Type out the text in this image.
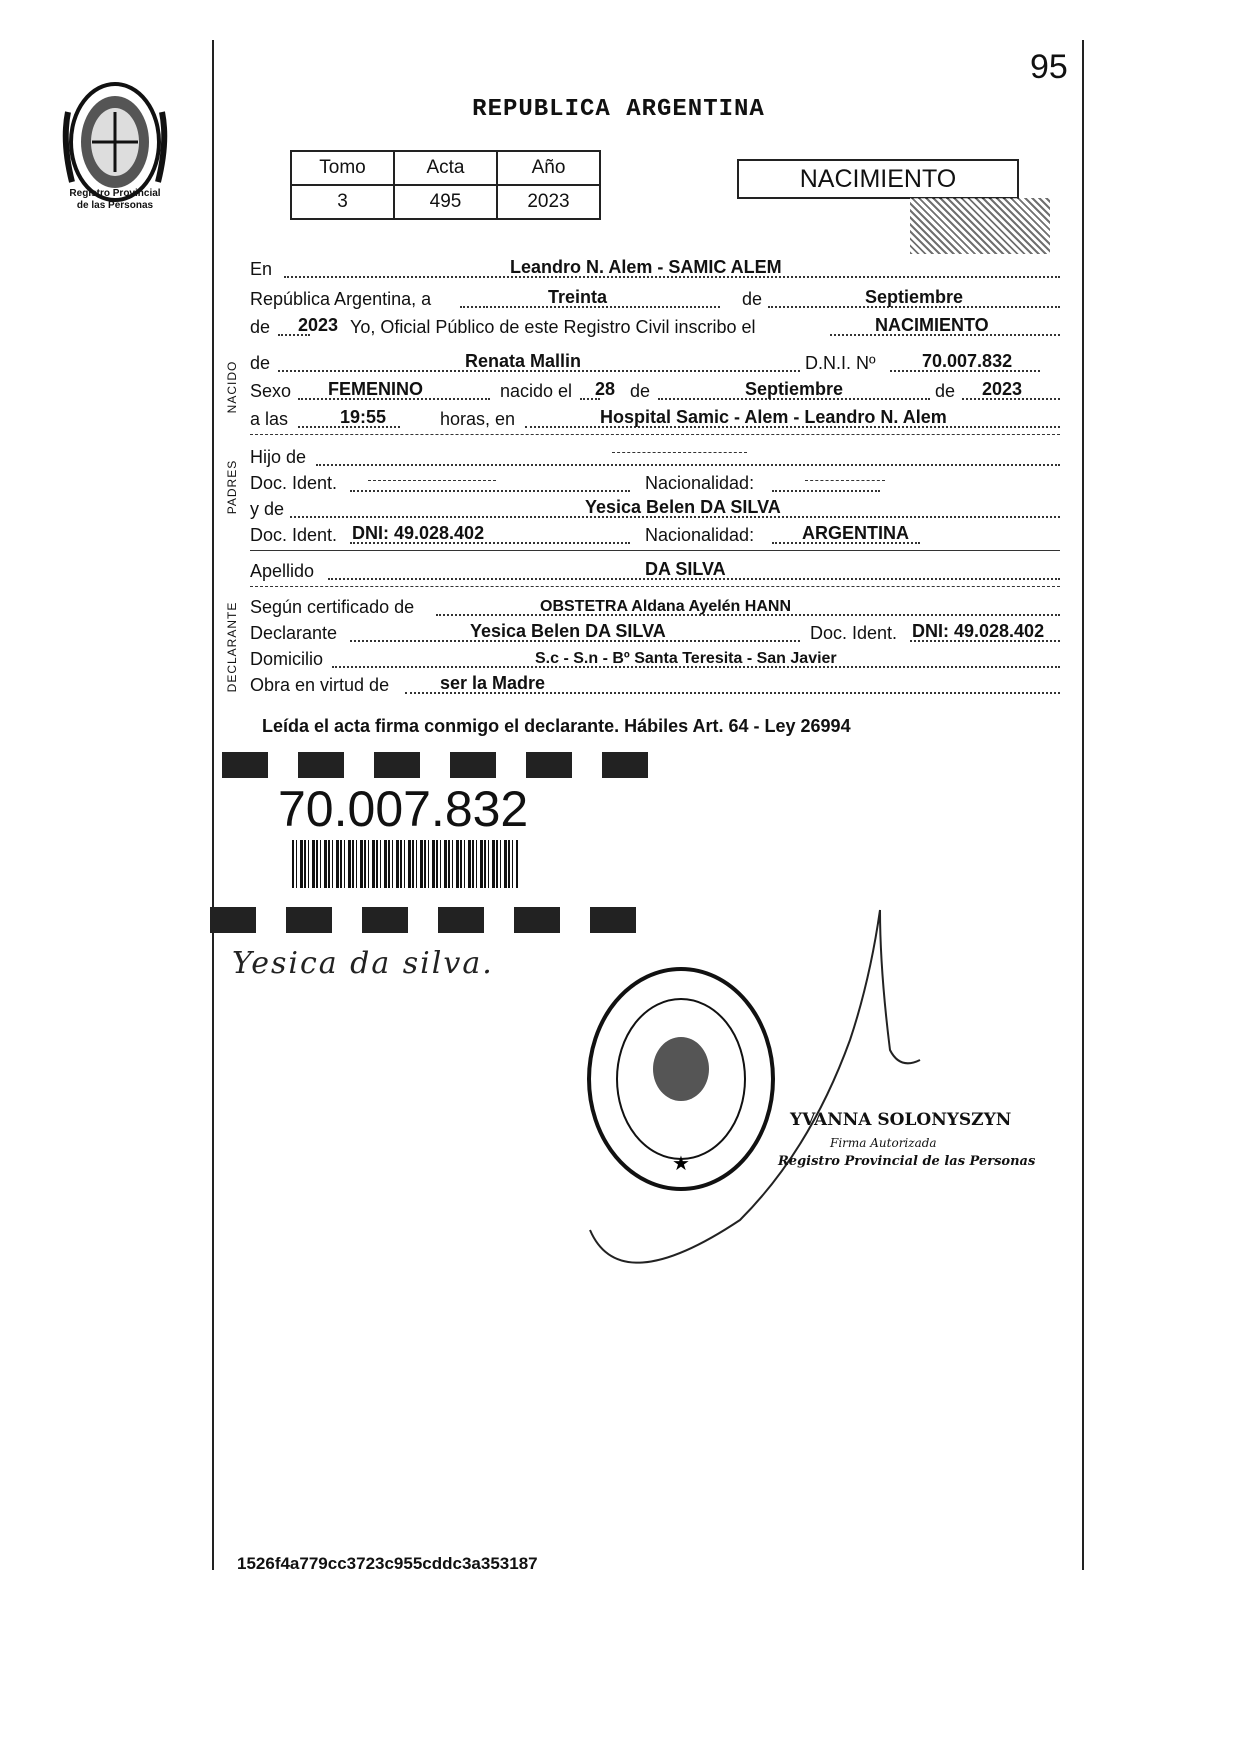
Registro Provincial
de las Personas
95
REPUBLICA ARGENTINA
Tomo	Acta	Año
3	495	2023
NACIMIENTO
En	Leandro N. Alem - SAMIC ALEM
República Argentina, a	Treinta	de	Septiembre
de 2023 Yo, Oficial Público de este Registro Civil inscribo el	NACIMIENTO
de	Renata Mallin	D.N.I. Nº	70.007.832
Sexo FEMENINO	nacido el 28 de	Septiembre	de 2023
a las	19:55	horas, en	Hospital Samic - Alem - Leandro N. Alem
Hijo de
Doc. Ident.	Nacionalidad:
y de	Yesica Belen DA SILVA
Doc. Ident. DNI: 49.028.402	Nacionalidad:	ARGENTINA
Apellido	DA SILVA
Según certificado de	OBSTETRA Aldana Ayelén HANN
Declarante	Yesica Belen DA SILVA	Doc. Ident. DNI: 49.028.402
Domicilio	S.c - S.n - Bº Santa Teresita - San Javier
Obra en virtud de	ser la Madre
NACIDO
PADRES
DECLARANTE
Leída el acta firma conmigo el declarante. Hábiles Art. 64 - Ley 26994
70.007.832
Yesica da silva.
★
YVANNA SOLONYSZYN
Firma Autorizada
Registro Provincial de las Personas
1526f4a779cc3723c955cddc3a353187
